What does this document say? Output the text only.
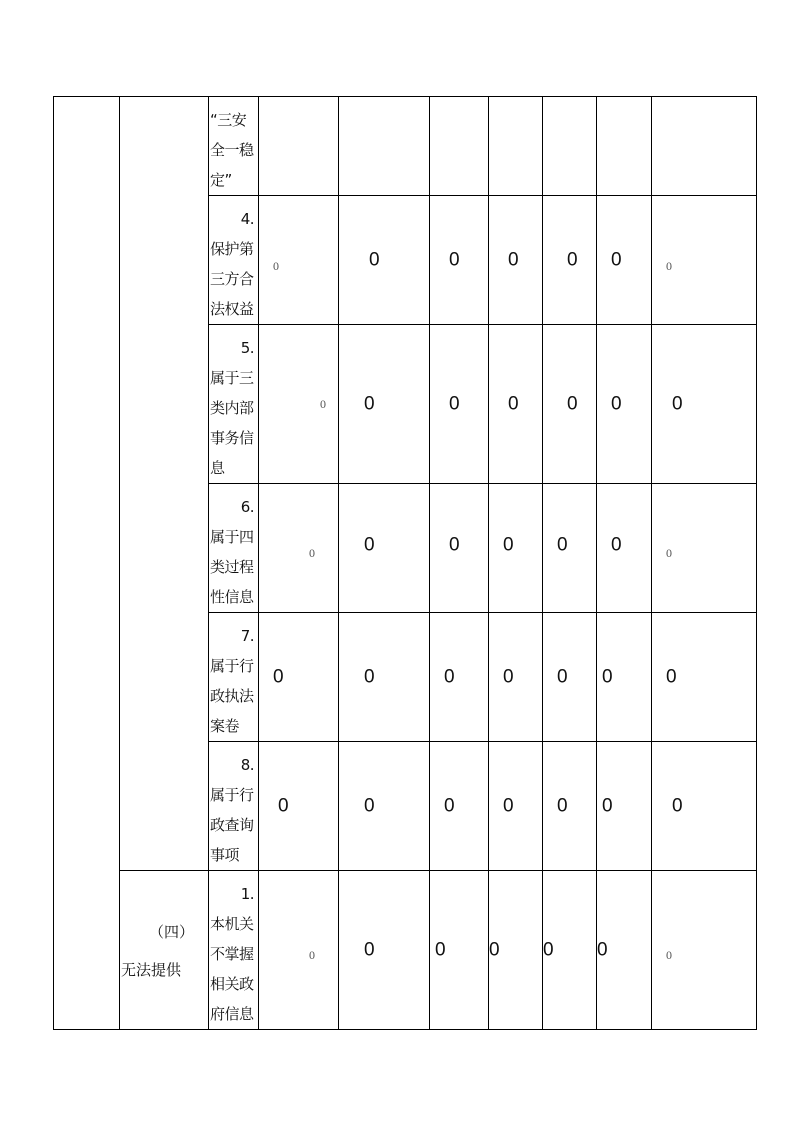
		“三安
全一稳
定”							

		4.
保护第
三方合
法权益	0	0	0	0	0	0	0

		5.
属于三
类内部
事务信
息	0	0	0	0	0	0	0

		6.
属于四
类过程
性信息	0	0	0	0	0	0	0

		7.
属于行
政执法
案卷	0	0	0	0	0	0	0

		8.
属于行
政查询
事项	0	0	0	0	0	0	0

	（四）
无法提供	1.
本机关
不掌握
相关政
府信息	0	0	0	0	0	0	0
